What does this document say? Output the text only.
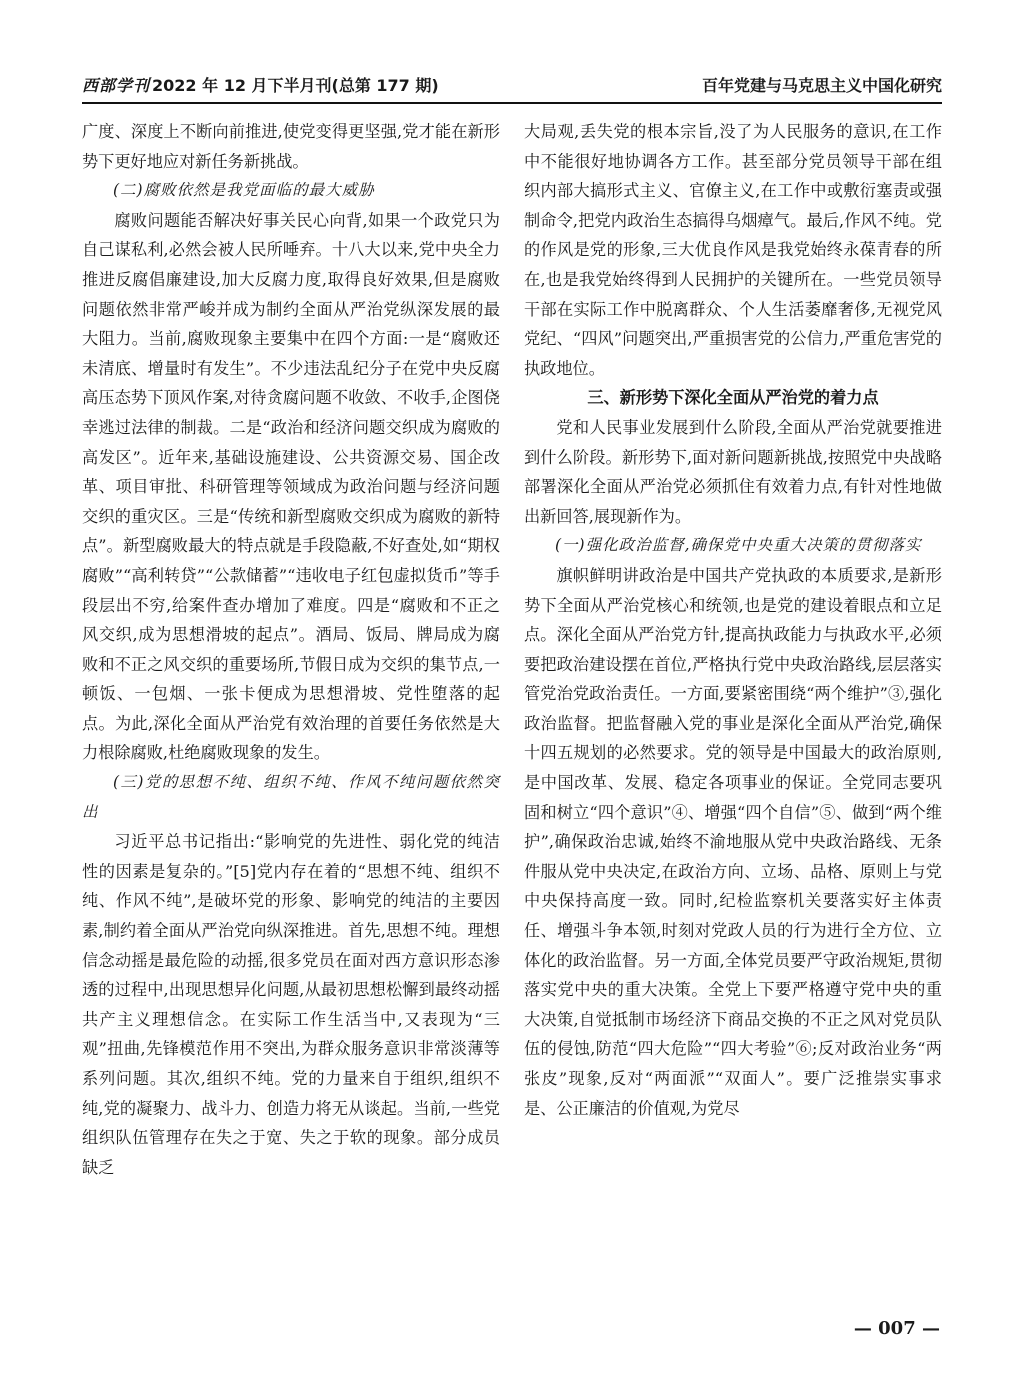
西部学刊 2022 年 12 月下半月刊(总第 177 期)	百年党建与马克思主义中国化研究

广度、深度上不断向前推进,使党变得更坚强,党才能在新形势下更好地应对新任务新挑战。

(二)腐败依然是我党面临的最大威胁

腐败问题能否解决好事关民心向背,如果一个政党只为自己谋私利,必然会被人民所唾弃。十八大以来,党中央全力推进反腐倡廉建设,加大反腐力度,取得良好效果,但是腐败问题依然非常严峻并成为制约全面从严治党纵深发展的最大阻力。当前,腐败现象主要集中在四个方面:一是“腐败还未清底、增量时有发生”。不少违法乱纪分子在党中央反腐高压态势下顶风作案,对待贪腐问题不收敛、不收手,企图侥幸逃过法律的制裁。二是“政治和经济问题交织成为腐败的高发区”。近年来,基础设施建设、公共资源交易、国企改革、项目审批、科研管理等领域成为政治问题与经济问题交织的重灾区。三是“传统和新型腐败交织成为腐败的新特点”。新型腐败最大的特点就是手段隐蔽,不好查处,如“期权腐败”“高利转贷”“公款储蓄”“违收电子红包虚拟货币”等手段层出不穷,给案件查办增加了难度。四是“腐败和不正之风交织,成为思想滑坡的起点”。酒局、饭局、牌局成为腐败和不正之风交织的重要场所,节假日成为交织的集节点,一顿饭、一包烟、一张卡便成为思想滑坡、党性堕落的起点。为此,深化全面从严治党有效治理的首要任务依然是大力根除腐败,杜绝腐败现象的发生。

(三)党的思想不纯、组织不纯、作风不纯问题依然突出

习近平总书记指出:“影响党的先进性、弱化党的纯洁性的因素是复杂的。”[5]党内存在着的“思想不纯、组织不纯、作风不纯”,是破坏党的形象、影响党的纯洁的主要因素,制约着全面从严治党向纵深推进。首先,思想不纯。理想信念动摇是最危险的动摇,很多党员在面对西方意识形态渗透的过程中,出现思想异化问题,从最初思想松懈到最终动摇共产主义理想信念。在实际工作生活当中,又表现为“三观”扭曲,先锋模范作用不突出,为群众服务意识非常淡薄等系列问题。其次,组织不纯。党的力量来自于组织,组织不纯,党的凝聚力、战斗力、创造力将无从谈起。当前,一些党组织队伍管理存在失之于宽、失之于软的现象。部分成员缺乏

大局观,丢失党的根本宗旨,没了为人民服务的意识,在工作中不能很好地协调各方工作。甚至部分党员领导干部在组织内部大搞形式主义、官僚主义,在工作中或敷衍塞责或强制命令,把党内政治生态搞得乌烟瘴气。最后,作风不纯。党的作风是党的形象,三大优良作风是我党始终永葆青春的所在,也是我党始终得到人民拥护的关键所在。一些党员领导干部在实际工作中脱离群众、个人生活萎靡奢侈,无视党风党纪、“四风”问题突出,严重损害党的公信力,严重危害党的执政地位。

三、新形势下深化全面从严治党的着力点

党和人民事业发展到什么阶段,全面从严治党就要推进到什么阶段。新形势下,面对新问题新挑战,按照党中央战略部署深化全面从严治党必须抓住有效着力点,有针对性地做出新回答,展现新作为。

(一)强化政治监督,确保党中央重大决策的贯彻落实

旗帜鲜明讲政治是中国共产党执政的本质要求,是新形势下全面从严治党核心和统领,也是党的建设着眼点和立足点。深化全面从严治党方针,提高执政能力与执政水平,必须要把政治建设摆在首位,严格执行党中央政治路线,层层落实管党治党政治责任。一方面,要紧密围绕“两个维护”③,强化政治监督。把监督融入党的事业是深化全面从严治党,确保十四五规划的必然要求。党的领导是中国最大的政治原则,是中国改革、发展、稳定各项事业的保证。全党同志要巩固和树立“四个意识”④、增强“四个自信”⑤、做到“两个维护”,确保政治忠诚,始终不渝地服从党中央政治路线、无条件服从党中央决定,在政治方向、立场、品格、原则上与党中央保持高度一致。同时,纪检监察机关要落实好主体责任、增强斗争本领,时刻对党政人员的行为进行全方位、立体化的政治监督。另一方面,全体党员要严守政治规矩,贯彻落实党中央的重大决策。全党上下要严格遵守党中央的重大决策,自觉抵制市场经济下商品交换的不正之风对党员队伍的侵蚀,防范“四大危险”“四大考验”⑥;反对政治业务“两张皮”现象,反对“两面派”“双面人”。要广泛推崇实事求是、公正廉洁的价值观,为党尽

— 007 —
